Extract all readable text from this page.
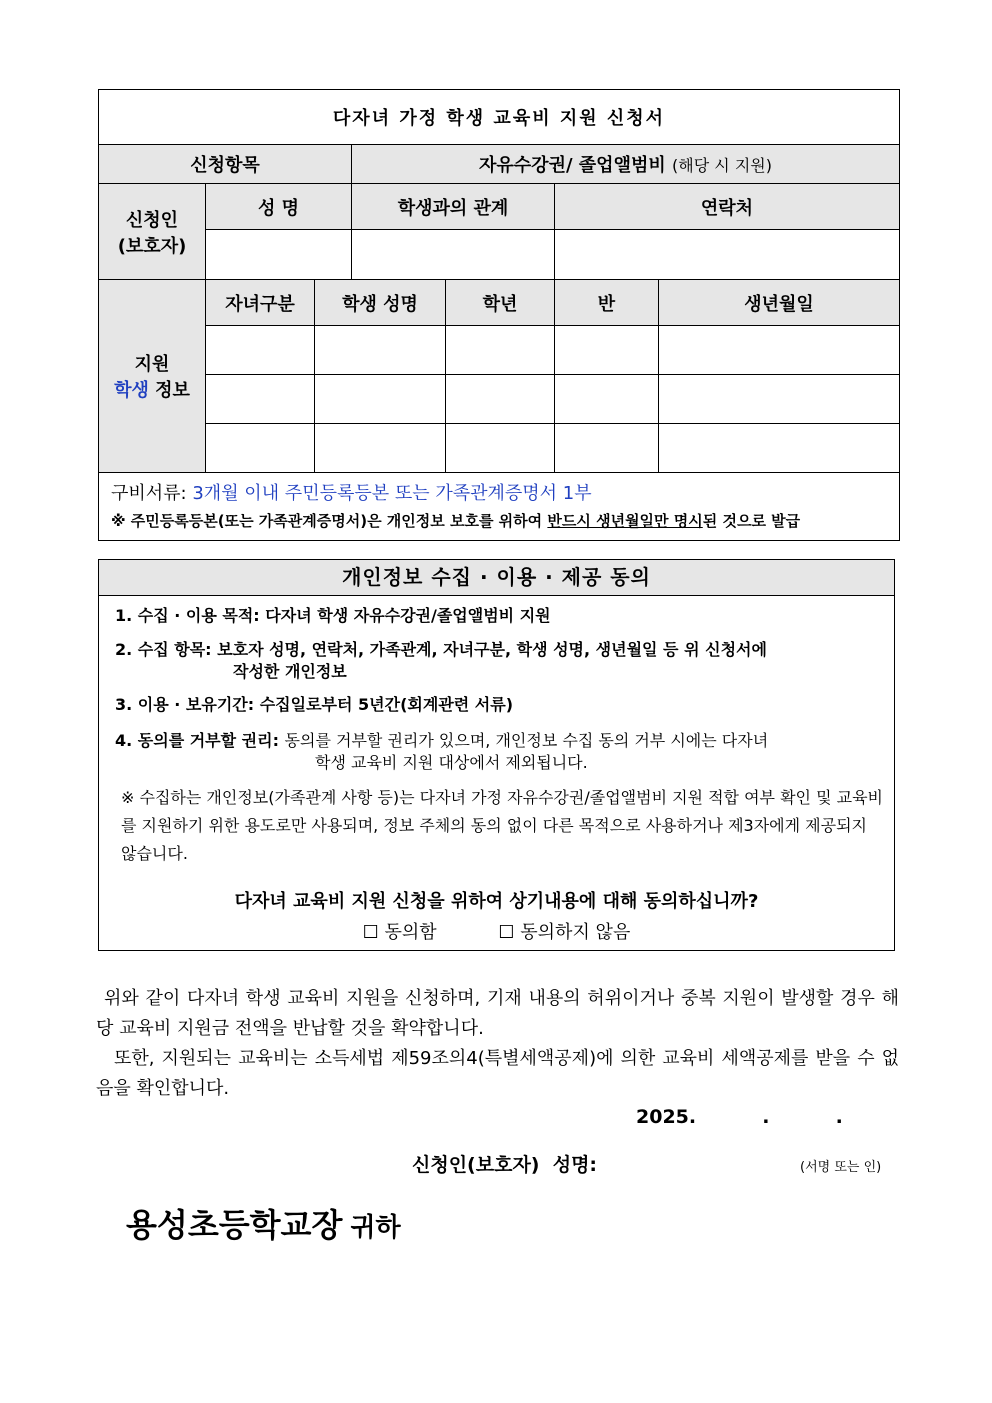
다자녀 가정 학생 교육비 지원 신청서						
신청항목			자유수강권/ 졸업앨범비 (해당 시 지원)			

신청인
(보호자)	성 명		학생과의 관계		연락처	

지원
학생 정보	자녀구분	학생 성명		학년	반	생년월일

구비서류: 3개월 이내 주민등록등본 또는 가족관계증명서 1부
※ 주민등록등본(또는 가족관계증명서)은 개인정보 보호를 위하여 반드시 생년월일만 명시된 것으로 발급						
개인정보 수집 · 이용 · 제공 동의
1. 수집 · 이용 목적: 다자녀 학생 자유수강권/졸업앨범비 지원
2. 수집 항목: 보호자 성명, 연락처, 가족관계, 자녀구분, 학생 성명, 생년월일 등 위 신청서에
작성한 개인정보
3. 이용 · 보유기간: 수집일로부터 5년간(회계관련 서류)
4. 동의를 거부할 권리: 동의를 거부할 권리가 있으며, 개인정보 수집 동의 거부 시에는 다자녀
학생 교육비 지원 대상에서 제외됩니다.
※ 수집하는 개인정보(가족관계 사항 등)는 다자녀 가정 자유수강권/졸업앨범비 지원 적합 여부 확인 및 교육비를 지원하기 위한 용도로만 사용되며, 정보 주체의 동의 없이 다른 목적으로 사용하거나 제3자에게 제공되지 않습니다.
다자녀 교육비 지원 신청을 위하여 상기내용에 대해 동의하십니까?
☐ 동의함	☐ 동의하지 않음
위와 같이 다자녀 학생 교육비 지원을 신청하며, 기재 내용의 허위이거나 중복 지원이 발생할 경우 해당 교육비 지원금 전액을 반납할 것을 확약합니다.
또한, 지원되는 교육비는 소득세법 제59조의4(특별세액공제)에 의한 교육비 세액공제를 받을 수 없음을 확인합니다.
2025.          .          .
신청인(보호자)  성명:	(서명 또는 인)
용성초등학교장 귀하
